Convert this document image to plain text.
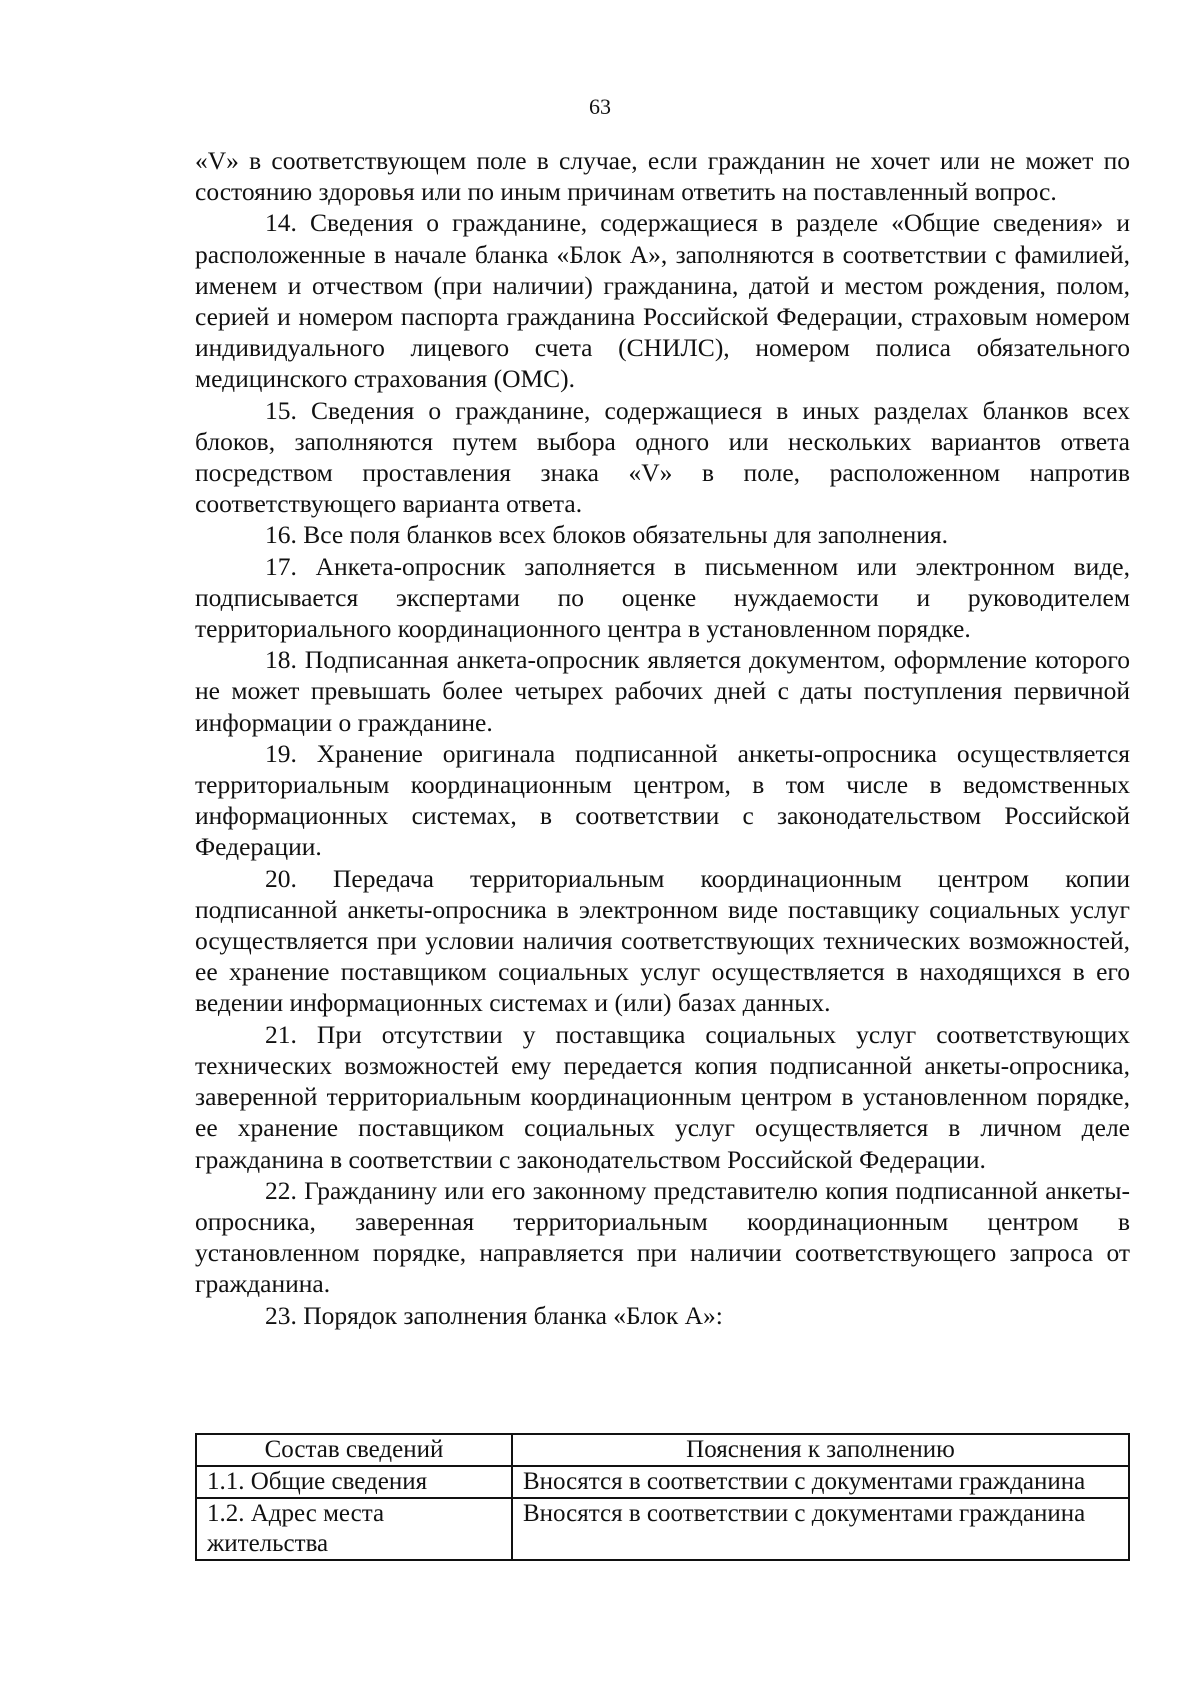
63

«V» в соответствующем поле в случае, если гражданин не хочет или не может по состоянию здоровья или по иным причинам ответить на поставленный вопрос.

14. Сведения о гражданине, содержащиеся в разделе «Общие сведения» и расположенные в начале бланка «Блок А», заполняются в соответствии с фамилией, именем и отчеством (при наличии) гражданина, датой и местом рождения, полом, серией и номером паспорта гражданина Российской Федерации, страховым номером индивидуального лицевого счета (СНИЛС), номером полиса обязательного медицинского страхования (ОМС).

15. Сведения о гражданине, содержащиеся в иных разделах бланков всех блоков, заполняются путем выбора одного или нескольких вариантов ответа посредством проставления знака «V» в поле, расположенном напротив соответствующего варианта ответа.

16. Все поля бланков всех блоков обязательны для заполнения.

17. Анкета-опросник заполняется в письменном или электронном виде, подписывается экспертами по оценке нуждаемости и руководителем территориального координационного центра в установленном порядке.

18. Подписанная анкета-опросник является документом, оформление которого не может превышать более четырех рабочих дней с даты поступления первичной информации о гражданине.

19. Хранение оригинала подписанной анкеты-опросника осуществляется территориальным координационным центром, в том числе в ведомственных информационных системах, в соответствии с законодательством Российской Федерации.

20. Передача территориальным координационным центром копии подписанной анкеты-опросника в электронном виде поставщику социальных услуг осуществляется при условии наличия соответствующих технических возможностей, ее хранение поставщиком социальных услуг осуществляется в находящихся в его ведении информационных системах и (или) базах данных.

21. При отсутствии у поставщика социальных услуг соответствующих технических возможностей ему передается копия подписанной анкеты-опросника, заверенной территориальным координационным центром в установленном порядке, ее хранение поставщиком социальных услуг осуществляется в личном деле гражданина в соответствии с законодательством Российской Федерации.

22. Гражданину или его законному представителю копия подписанной анкеты-опросника, заверенная территориальным координационным центром в установленном порядке, направляется при наличии соответствующего запроса от гражданина.

23. Порядок заполнения бланка «Блок А»:

Состав сведений	Пояснения к заполнению
1.1. Общие сведения	Вносятся в соответствии с документами гражданина
1.2. Адрес места жительства	Вносятся в соответствии с документами гражданина
